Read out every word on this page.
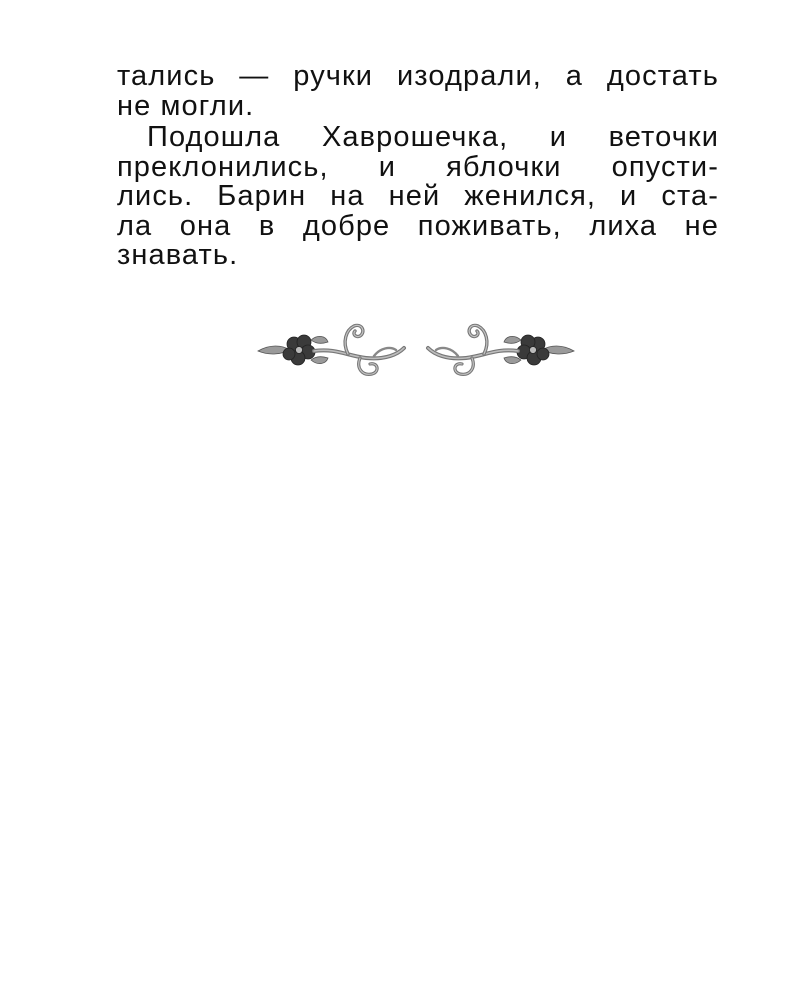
тались — ручки изодрали, а достать
не могли.
Подошла Хаврошечка, и веточки
преклонились, и яблочки опусти-
лись. Барин на ней женился, и ста-
ла она в добре поживать, лиха не
знавать.
